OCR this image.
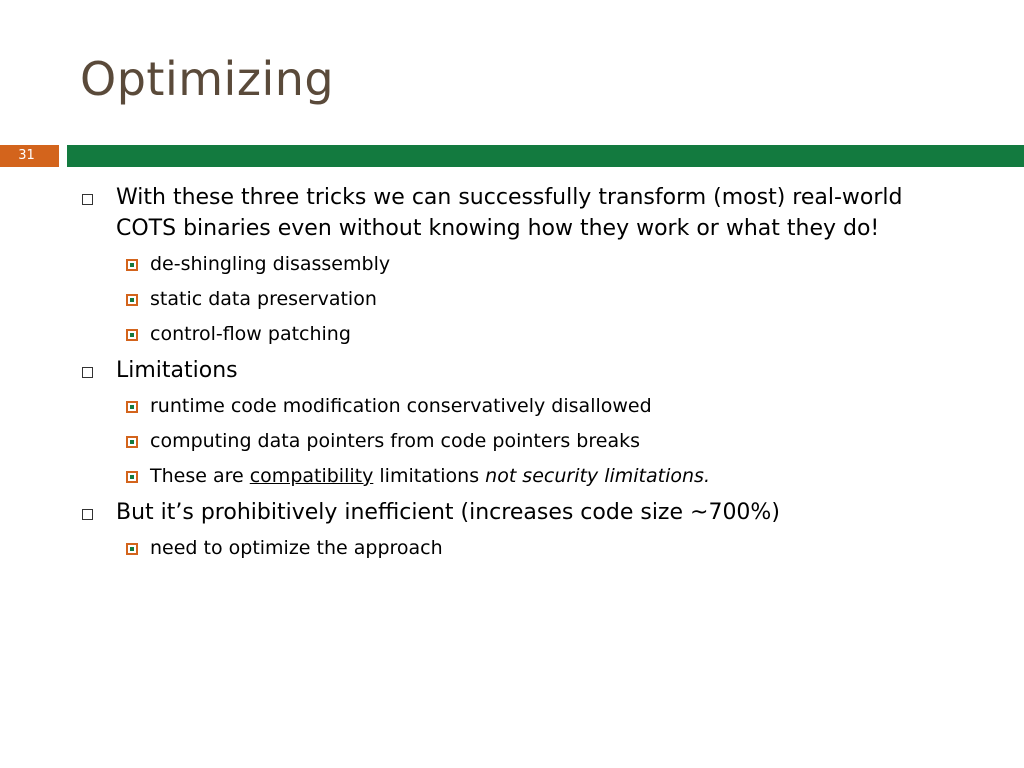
Optimizing
31
With these three tricks we can successfully transform (most) real-world COTS binaries even without knowing how they work or what they do!
de-shingling disassembly
static data preservation
control-flow patching
Limitations
runtime code modification conservatively disallowed
computing data pointers from code pointers breaks
These are compatibility limitations not security limitations.
But it’s prohibitively inefficient (increases code size ~700%)
need to optimize the approach
